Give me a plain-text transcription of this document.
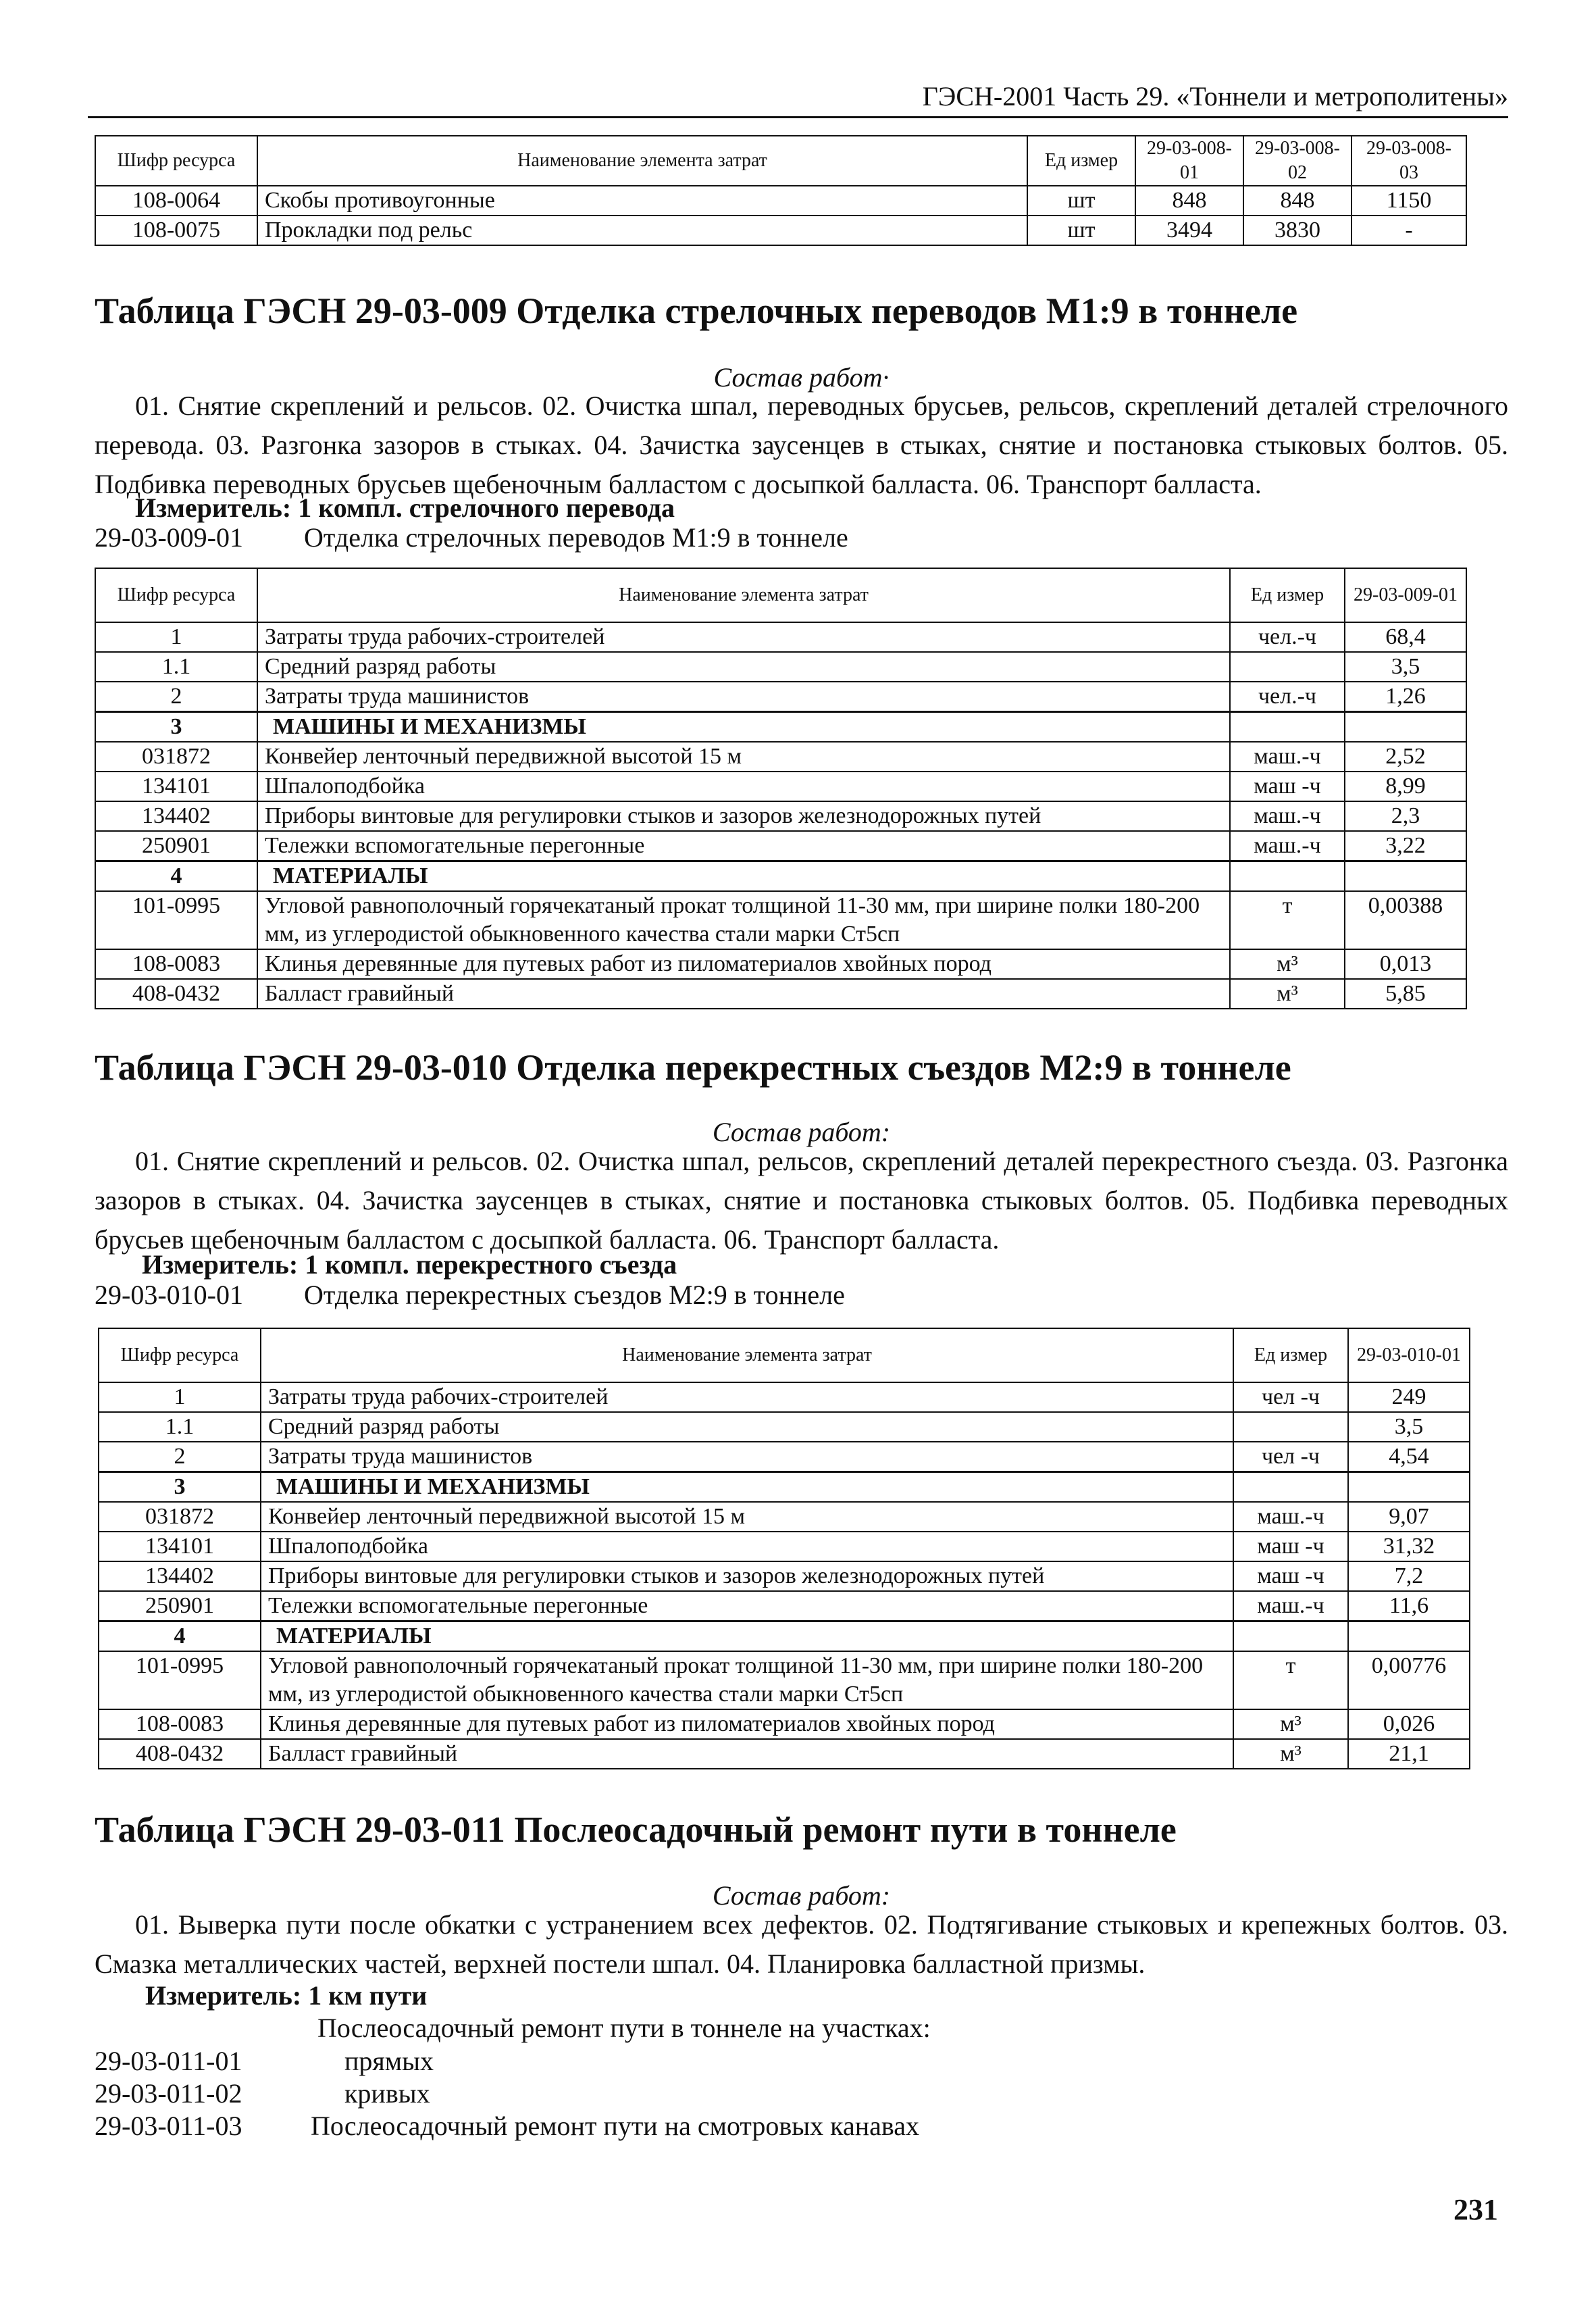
ГЭСН-2001 Часть 29. «Тоннели и метрополитены»
Шифр ресурса	Наименование элемента затрат	Ед измер	29-03-008-01	29-03-008-02	29-03-008-03
108-0064	Скобы противоугонные	шт	848	848	1150
108-0075	Прокладки под рельс	шт	3494	3830	-
Таблица ГЭСН 29-03-009 Отделка стрелочных переводов М1:9 в тоннеле
Состав работ·
01. Снятие скреплений и рельсов. 02. Очистка шпал, переводных брусьев, рельсов, скреплений деталей стрелочного перевода. 03. Разгонка зазоров в стыках. 04. Зачистка заусенцев в стыках, снятие и постановка стыковых болтов. 05. Подбивка переводных брусьев щебеночным балластом с досыпкой балласта. 06. Транспорт балласта.
Измеритель: 1 компл. стрелочного перевода
29-03-009-01 Отделка стрелочных переводов М1:9 в тоннеле
Шифр ресурса	Наименование элемента затрат	Ед измер	29-03-009-01
1	Затраты труда рабочих-строителей	чел.-ч	68,4
1.1	Средний разряд работы		3,5
2	Затраты труда машинистов	чел.-ч	1,26
3	МАШИНЫ И МЕХАНИЗМЫ		
031872	Конвейер ленточный передвижной высотой 15 м	маш.-ч	2,52
134101	Шпалоподбойка	маш -ч	8,99
134402	Приборы винтовые для регулировки стыков и зазоров железнодорожных путей	маш.-ч	2,3
250901	Тележки вспомогательные перегонные	маш.-ч	3,22
4	МАТЕРИАЛЫ		
101-0995	Угловой равнополочный горячекатаный прокат толщиной 11-30 мм, при ширине полки 180-200 мм, из углеродистой обыкновенного качества стали марки Ст5сп	т	0,00388
108-0083	Клинья деревянные для путевых работ из пиломатериалов хвойных пород	м³	0,013
408-0432	Балласт гравийный	м³	5,85
Таблица ГЭСН 29-03-010 Отделка перекрестных съездов М2:9 в тоннеле
Состав работ:
01. Снятие скреплений и рельсов. 02. Очистка шпал, рельсов, скреплений деталей перекрестного съезда. 03. Разгонка зазоров в стыках. 04. Зачистка заусенцев в стыках, снятие и постановка стыковых болтов. 05. Подбивка переводных брусьев щебеночным балластом с досыпкой балласта. 06. Транспорт балласта.
Измеритель: 1 компл. перекрестного съезда
29-03-010-01 Отделка перекрестных съездов М2:9 в тоннеле
Шифр ресурса	Наименование элемента затрат	Ед измер	29-03-010-01
1	Затраты труда рабочих-строителей	чел -ч	249
1.1	Средний разряд работы		3,5
2	Затраты труда машинистов	чел -ч	4,54
3	МАШИНЫ И МЕХАНИЗМЫ		
031872	Конвейер ленточный передвижной высотой 15 м	маш.-ч	9,07
134101	Шпалоподбойка	маш -ч	31,32
134402	Приборы винтовые для регулировки стыков и зазоров железнодорожных путей	маш -ч	7,2
250901	Тележки вспомогательные перегонные	маш.-ч	11,6
4	МАТЕРИАЛЫ		
101-0995	Угловой равнополочный горячекатаный прокат толщиной 11-30 мм, при ширине полки 180-200 мм, из углеродистой обыкновенного качества стали марки Ст5сп	т	0,00776
108-0083	Клинья деревянные для путевых работ из пиломатериалов хвойных пород	м³	0,026
408-0432	Балласт гравийный	м³	21,1
Таблица ГЭСН 29-03-011 Послеосадочный ремонт пути в тоннеле
Состав работ:
01. Выверка пути после обкатки с устранением всех дефектов. 02. Подтягивание стыковых и крепежных болтов. 03. Смазка металлических частей, верхней постели шпал. 04. Планировка балластной призмы.
Измеритель: 1 км пути
Послеосадочный ремонт пути в тоннеле на участках:
29-03-011-01	прямых
29-03-011-02	кривых
29-03-011-03	Послеосадочный ремонт пути на смотровых канавах
231
